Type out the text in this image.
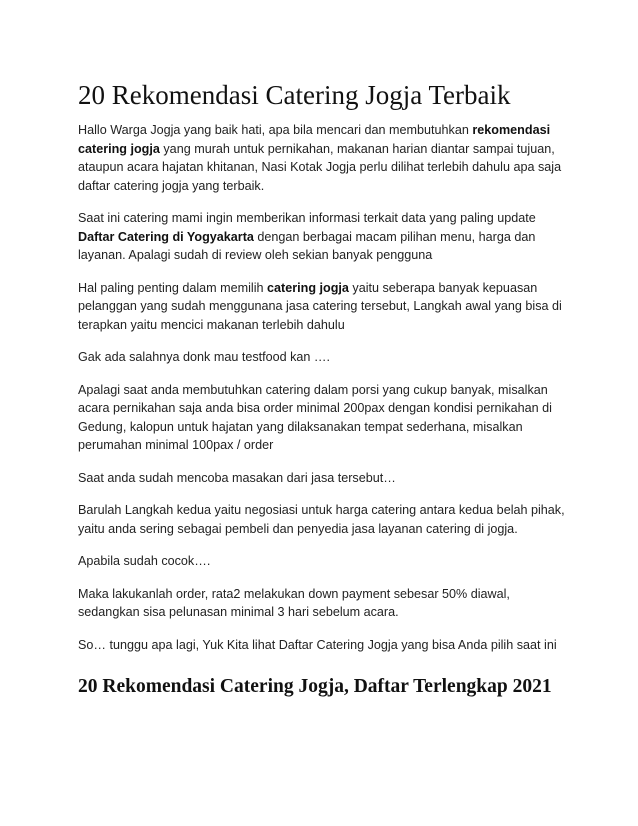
20 Rekomendasi Catering Jogja Terbaik

Hallo Warga Jogja yang baik hati, apa bila mencari dan membutuhkan rekomendasi catering jogja yang murah untuk pernikahan, makanan harian diantar sampai tujuan, ataupun acara hajatan khitanan, Nasi Kotak Jogja perlu dilihat terlebih dahulu apa saja daftar catering jogja yang terbaik.

Saat ini catering mami ingin memberikan informasi terkait data yang paling update Daftar Catering di Yogyakarta dengan berbagai macam pilihan menu, harga dan layanan. Apalagi sudah di review oleh sekian banyak pengguna

Hal paling penting dalam memilih catering jogja yaitu seberapa banyak kepuasan pelanggan yang sudah menggunana jasa catering tersebut, Langkah awal yang bisa di terapkan yaitu mencici makanan terlebih dahulu

Gak ada salahnya donk mau testfood kan ….

Apalagi saat anda membutuhkan catering dalam porsi yang cukup banyak, misalkan acara pernikahan saja anda bisa order minimal 200pax dengan kondisi pernikahan di Gedung, kalopun untuk hajatan yang dilaksanakan tempat sederhana, misalkan perumahan minimal 100pax / order

Saat anda sudah mencoba masakan dari jasa tersebut…

Barulah Langkah kedua yaitu negosiasi untuk harga catering antara kedua belah pihak, yaitu anda sering sebagai pembeli dan penyedia jasa layanan catering di jogja.

Apabila sudah cocok….

Maka lakukanlah order, rata2 melakukan down payment sebesar 50% diawal, sedangkan sisa pelunasan minimal 3 hari sebelum acara.

So… tunggu apa lagi, Yuk Kita lihat Daftar Catering Jogja yang bisa Anda pilih saat ini

20 Rekomendasi Catering Jogja, Daftar Terlengkap 2021
